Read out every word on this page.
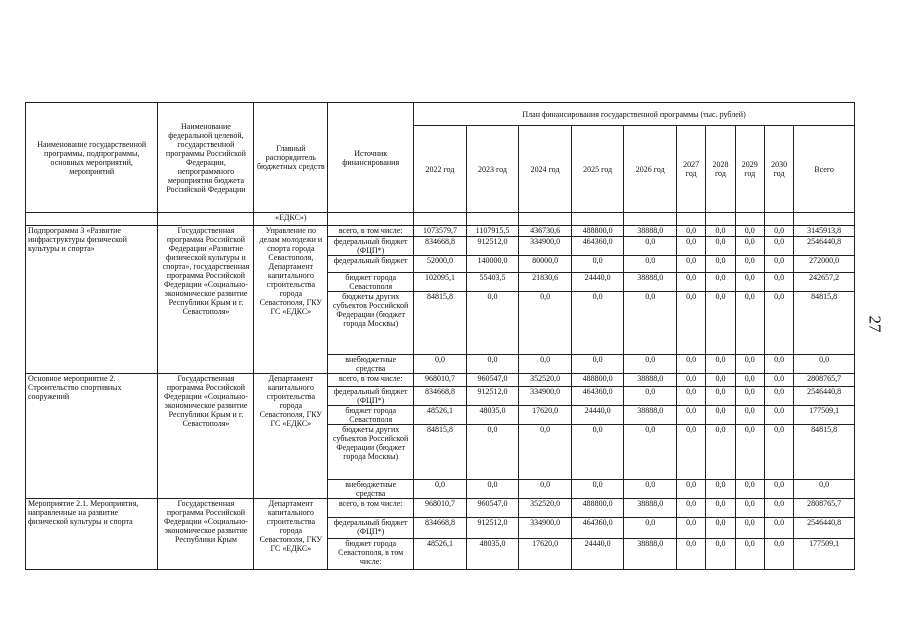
Наименование государственной программы, подпрограммы, основных мероприятий, мероприятий	Наименование федеральной целевой, государственной программы Российской Федерации, непрограммного мероприятия бюджета Российской Федерации	Главный распорядитель бюджетных средств	Источник финансирования	План финансирования государственной программы (тыс. рублей)									
				2022 год	2023 год	2024 год	2025 год	2026 год	2027 год	2028 год	2029 год	2030 год	Всего
		«ЕДКС»)											
Подпрограмма 3 «Развитие инфраструктуры физической культуры и спорта»	Государственная программа Российской Федерации «Развитие физической культуры и спорта», государственная программа Российской Федерации «Социально-экономическое развитие Республики Крым и г. Севастополя»	Управление по делам молодежи и спорта города Севастополя, Департамент капитального строительства города Севастополя, ГКУ ГС «ЕДКС»	всего, в том числе:	1073579,7	1107915,5	436730,6	488800,0	38888,0	0,0	0,0	0,0	0,0	3145913,8
			федеральный бюджет (ФЦП*)	834668,8	912512,0	334900,0	464360,0	0,0	0,0	0,0	0,0	0,0	2546440,8
			федеральный бюджет	52000,0	140000,0	80000,0	0,0	0,0	0,0	0,0	0,0	0,0	272000,0
			бюджет города Севастополя	102095,1	55403,5	21830,6	24440,0	38888,0	0,0	0,0	0,0	0,0	242657,2
			бюджеты других субъектов Российской Федерации (бюджет города Москвы)	84815,8	0,0	0,0	0,0	0,0	0,0	0,0	0,0	0,0	84815,8
			внебюджетные средства	0,0	0,0	0,0	0,0	0,0	0,0	0,0	0,0	0,0	0,0
Основное мероприятие 2. Строительство спортивных сооружений	Государственная программа Российской Федерации «Социально-экономическое развитие Республики Крым и г. Севастополя»	Департамент капитального строительства города Севастополя, ГКУ ГС «ЕДКС»	всего, в том числе:	968010,7	960547,0	352520,0	488800,0	38888,0	0,0	0,0	0,0	0,0	2808765,7
			федеральный бюджет (ФЦП*)	834668,8	912512,0	334900,0	464360,0	0,0	0,0	0,0	0,0	0,0	2546440,8
			бюджет города Севастополя	48526,1	48035,0	17620,0	24440,0	38888,0	0,0	0,0	0,0	0,0	177509,1
			бюджеты других субъектов Российской Федерации (бюджет города Москвы)	84815,8	0,0	0,0	0,0	0,0	0,0	0,0	0,0	0,0	84815,8
			внебюджетные средства	0,0	0,0	0,0	0,0	0,0	0,0	0,0	0,0	0,0	0,0
Мероприятие 2.1. Мероприятия, направленные на развитие физической культуры и спорта	Государственная программа Российской Федерации «Социально-экономическое развитие Республики Крым	Департамент капитального строительства города Севастополя, ГКУ ГС «ЕДКС»	всего, в том числе:	968010,7	960547,0	352520,0	488800,0	38888,0	0,0	0,0	0,0	0,0	2808765,7
			федеральный бюджет (ФЦП*)	834668,8	912512,0	334900,0	464360,0	0,0	0,0	0,0	0,0	0,0	2546440,8
			бюджет города Севастополя, в том числе:	48526,1	48035,0	17620,0	24440,0	38888,0	0,0	0,0	0,0	0,0	177509,1
27
